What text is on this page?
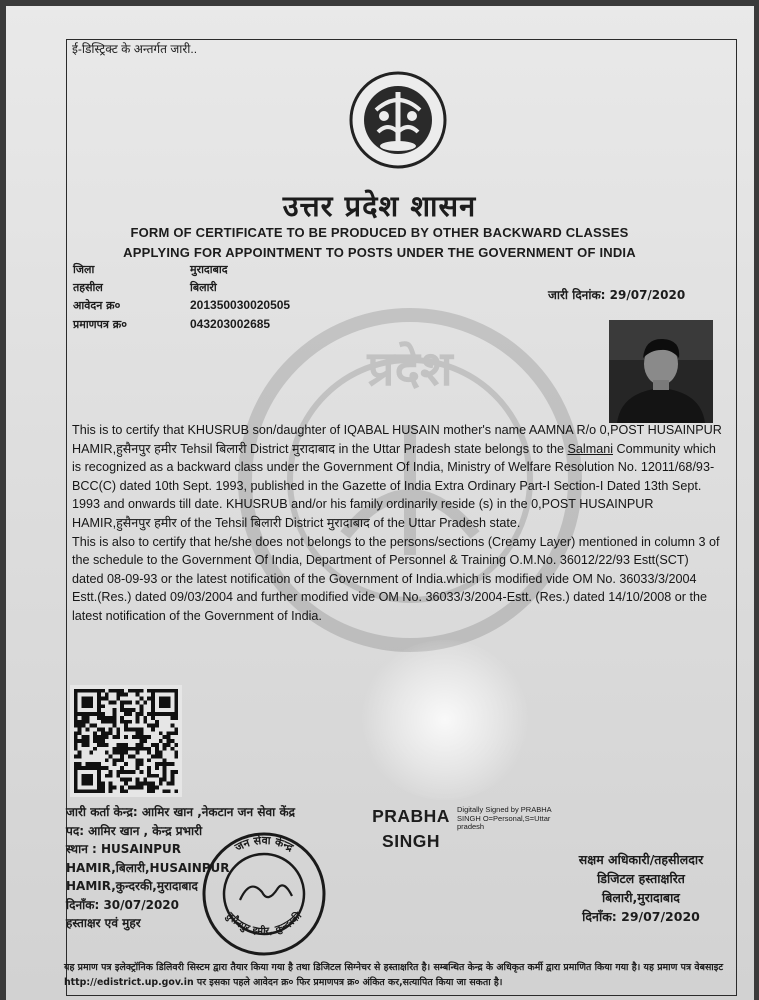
प्रदेश
ई-डिस्ट्रिक्ट के अन्तर्गत जारी..
उत्तर प्रदेश शासन
FORM OF CERTIFICATE TO BE PRODUCED BY OTHER BACKWARD CLASSES
APPLYING FOR APPOINTMENT TO POSTS UNDER THE GOVERNMENT OF INDIA
जिला	मुरादाबाद
तहसील	बिलारी
आवेदन क्र०	201350030020505
प्रमाणपत्र क्र०	043203002685
जारी दिनांक: 29/07/2020

This is to certify that KHUSRUB son/daughter of IQABAL HUSAIN mother's name AAMNA R/o 0,POST HUSAINPUR HAMIR,हुसैनपुर हमीर Tehsil बिलारी District मुरादाबाद in the Uttar Pradesh state belongs to the Salmani Community which is recognized as a backward class under the Government Of India, Ministry of Welfare Resolution No. 12011/68/93-BCC(C) dated 10th Sept. 1993, published in the Gazette of India Extra Ordinary Part-I Section-I Dated 13th Sept. 1993 and onwards till date. KHUSRUB and/or his family ordinarily reside (s) in the 0,POST HUSAINPUR HAMIR,हुसैनपुर हमीर of the Tehsil बिलारी District मुरादाबाद of the Uttar Pradesh state.

This is also to certify that he/she does not belongs to the persons/sections (Creamy Layer) mentioned in column 3 of the schedule to the Government Of India, Department of Personnel & Training O.M.No. 36012/22/93 Estt(SCT) dated 08-09-93 or the latest notification of the Government of India.which is modified vide OM No. 36033/3/2004 Estt.(Res.) dated 09/03/2004 and further modified vide OM No. 36033/3/2004-Estt. (Res.) dated 14/10/2008 or the latest notification of the Government of India.

जारी कर्ता केन्द्र: आमिर खान ,नेकटान जन सेवा केंद्र
पद: आमिर खान , केन्द्र प्रभारी
स्थान : HUSAINPUR
HAMIR,बिलारी,HUSAINPUR
HAMIR,कुन्दरकी,मुरादाबाद
दिनाँक: 30/07/2020
हस्ताक्षर एवं मुहर
जन सेवा केन्द्र
हुसैनपुर हमीर, कुन्दरकी
PRABHA
SINGH
Digitally Signed by PRABHA SINGH O=Personal,S=Uttar pradesh
सक्षम अधिकारी/तहसीलदार
डिजिटल हस्ताक्षरित
बिलारी,मुरादाबाद
दिनाँक: 29/07/2020
यह प्रमाण पत्र इलेक्ट्रॉनिक डिलिवरी सिस्टम द्वारा तैयार किया गया है तथा डिजिटल सिग्नेचर से हस्ताक्षरित है। सम्बन्धित केन्द्र के अधिकृत कर्मी द्वारा प्रमाणित किया गया है। यह प्रमाण पत्र वेबसाइट http://edistrict.up.gov.in पर इसका पहले आवेदन क्र० फिर प्रमाणपत्र क्र० अंकित कर,सत्यापित किया जा सकता है।
